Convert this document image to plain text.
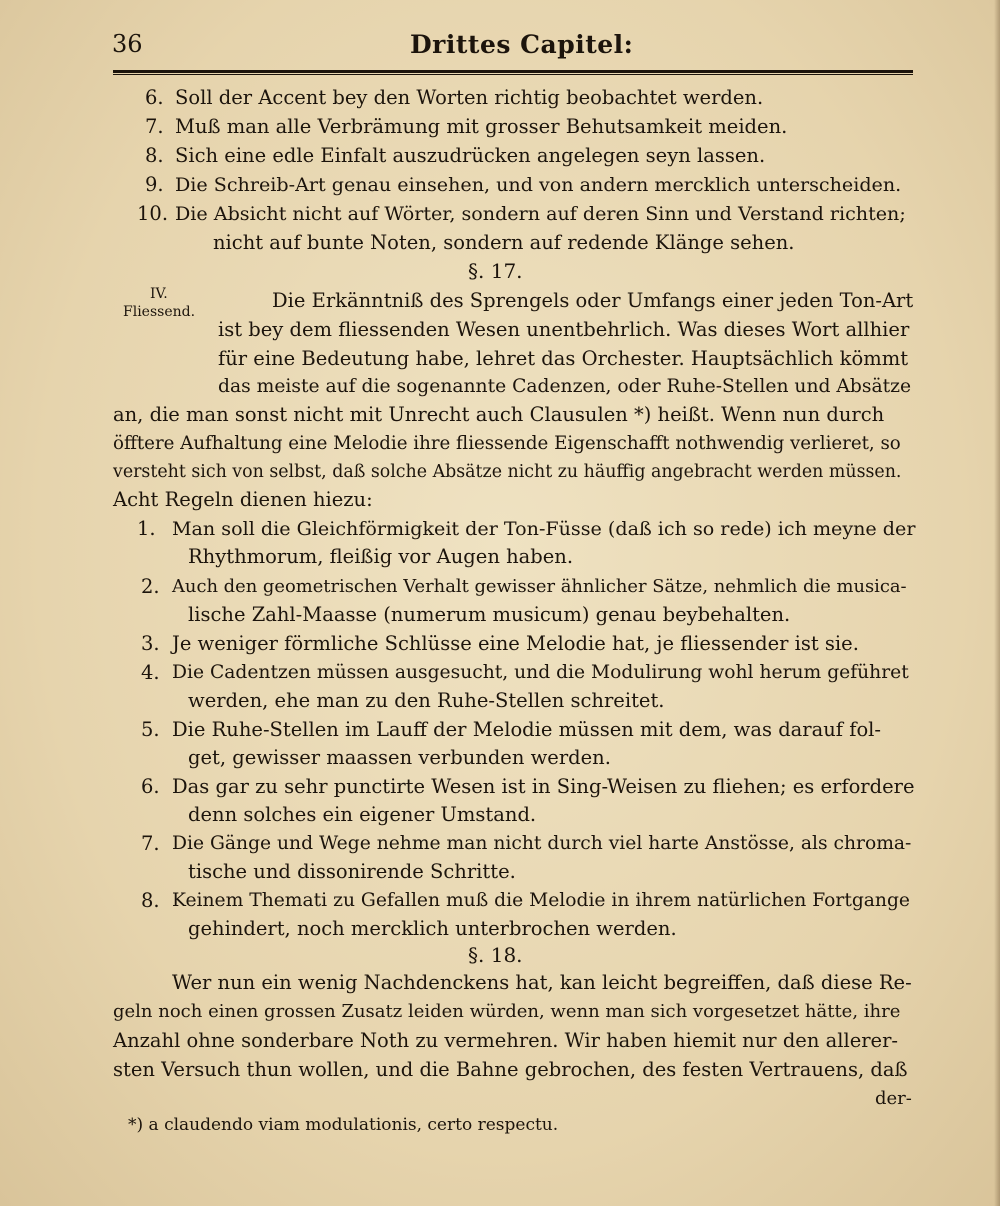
36	Drittes Capitel:
6. Soll der Accent bey den Worten richtig beobachtet werden.
7. Muß man alle Verbrämung mit grosser Behutsamkeit meiden.
8. Sich eine edle Einfalt auszudrücken angelegen seyn lassen.
9. Die Schreib-Art genau einsehen, und von andern mercklich unterscheiden.
10. Die Absicht nicht auf Wörter, sondern auf deren Sinn und Verstand richten;
nicht auf bunte Noten, sondern auf redende Klänge sehen.
§. 17.
IV.
Fliessend.	Die Erkänntniß des Sprengels oder Umfangs einer jeden Ton-Art
ist bey dem fliessenden Wesen unentbehrlich. Was dieses Wort allhier
für eine Bedeutung habe, lehret das Orchester. Hauptsächlich kömmt
das meiste auf die sogenannte Cadenzen, oder Ruhe-Stellen und Absätze
an, die man sonst nicht mit Unrecht auch Clausulen *) heißt. Wenn nun durch
öfftere Aufhaltung eine Melodie ihre fliessende Eigenschafft nothwendig verlieret, so
versteht sich von selbst, daß solche Absätze nicht zu häuffig angebracht werden müssen.
Acht Regeln dienen hiezu:
1. Man soll die Gleichförmigkeit der Ton-Füsse (daß ich so rede) ich meyne der
Rhythmorum, fleißig vor Augen haben.
2. Auch den geometrischen Verhalt gewisser ähnlicher Sätze, nehmlich die musica-
lische Zahl-Maasse (numerum musicum) genau beybehalten.
3. Je weniger förmliche Schlüsse eine Melodie hat, je fliessender ist sie.
4. Die Cadentzen müssen ausgesucht, und die Modulirung wohl herum geführet
werden, ehe man zu den Ruhe-Stellen schreitet.
5. Die Ruhe-Stellen im Lauff der Melodie müssen mit dem, was darauf fol-
get, gewisser maassen verbunden werden.
6. Das gar zu sehr punctirte Wesen ist in Sing-Weisen zu fliehen; es erfordere
denn solches ein eigener Umstand.
7. Die Gänge und Wege nehme man nicht durch viel harte Anstösse, als chroma-
tische und dissonirende Schritte.
8. Keinem Themati zu Gefallen muß die Melodie in ihrem natürlichen Fortgange
gehindert, noch mercklich unterbrochen werden.
§. 18.
Wer nun ein wenig Nachdenckens hat, kan leicht begreiffen, daß diese Re-
geln noch einen grossen Zusatz leiden würden, wenn man sich vorgesetzet hätte, ihre
Anzahl ohne sonderbare Noth zu vermehren. Wir haben hiemit nur den allerer-
sten Versuch thun wollen, und die Bahne gebrochen, des festen Vertrauens, daß
der-
*) a claudendo viam modulationis, certo respectu.
